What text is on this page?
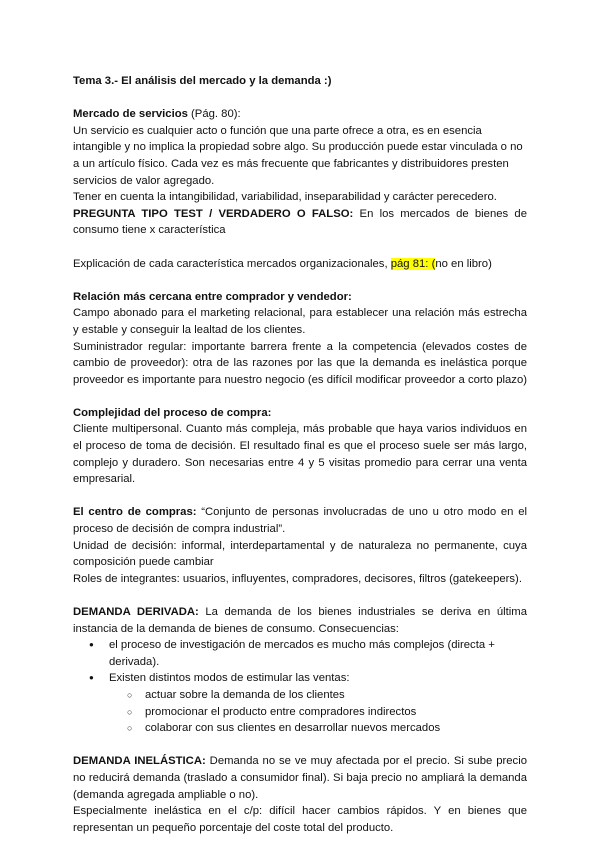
Tema 3.- El análisis del mercado y la demanda :)

Mercado de servicios (Pág. 80):

Un servicio es cualquier acto o función que una parte ofrece a otra, es en esencia intangible y no implica la propiedad sobre algo. Su producción puede estar vinculada o no a un artículo físico. Cada vez es más frecuente que fabricantes y distribuidores presten servicios de valor agregado.

Tener en cuenta la intangibilidad, variabilidad, inseparabilidad y carácter perecedero.

PREGUNTA TIPO TEST / VERDADERO O FALSO: En los mercados de bienes de consumo tiene x característica

Explicación de cada característica mercados organizacionales, pág 81: (no en libro)

Relación más cercana entre comprador y vendedor:

Campo abonado para el marketing relacional, para establecer una relación más estrecha y estable y conseguir la lealtad de los clientes.

Suministrador regular: importante barrera frente a la competencia (elevados costes de cambio de proveedor): otra de las razones por las que la demanda es inelástica porque proveedor es importante para nuestro negocio (es difícil modificar proveedor a corto plazo)

Complejidad del proceso de compra:

Cliente multipersonal. Cuanto más compleja, más probable que haya varios individuos en el proceso de toma de decisión. El resultado final es que el proceso suele ser más largo, complejo y duradero. Son necesarias entre 4 y 5 visitas promedio para cerrar una venta empresarial.

El centro de compras: “Conjunto de personas involucradas de uno u otro modo en el proceso de decisión de compra industrial”.

Unidad de decisión: informal, interdepartamental y de naturaleza no permanente, cuya composición puede cambiar

Roles de integrantes: usuarios, influyentes, compradores, decisores, filtros (gatekeepers).

DEMANDA DERIVADA: La demanda de los bienes industriales se deriva en última instancia de la demanda de bienes de consumo. Consecuencias:

● el proceso de investigación de mercados es mucho más complejos (directa + derivada).
● Existen distintos modos de estimular las ventas:
○ actuar sobre la demanda de los clientes
○ promocionar el producto entre compradores indirectos
○ colaborar con sus clientes en desarrollar nuevos mercados

DEMANDA INELÁSTICA: Demanda no se ve muy afectada por el precio. Si sube precio no reducirá demanda (traslado a consumidor final). Si baja precio no ampliará la demanda (demanda agregada ampliable o no).

Especialmente inelástica en el c/p: difícil hacer cambios rápidos. Y en bienes que representan un pequeño porcentaje del coste total del producto.
